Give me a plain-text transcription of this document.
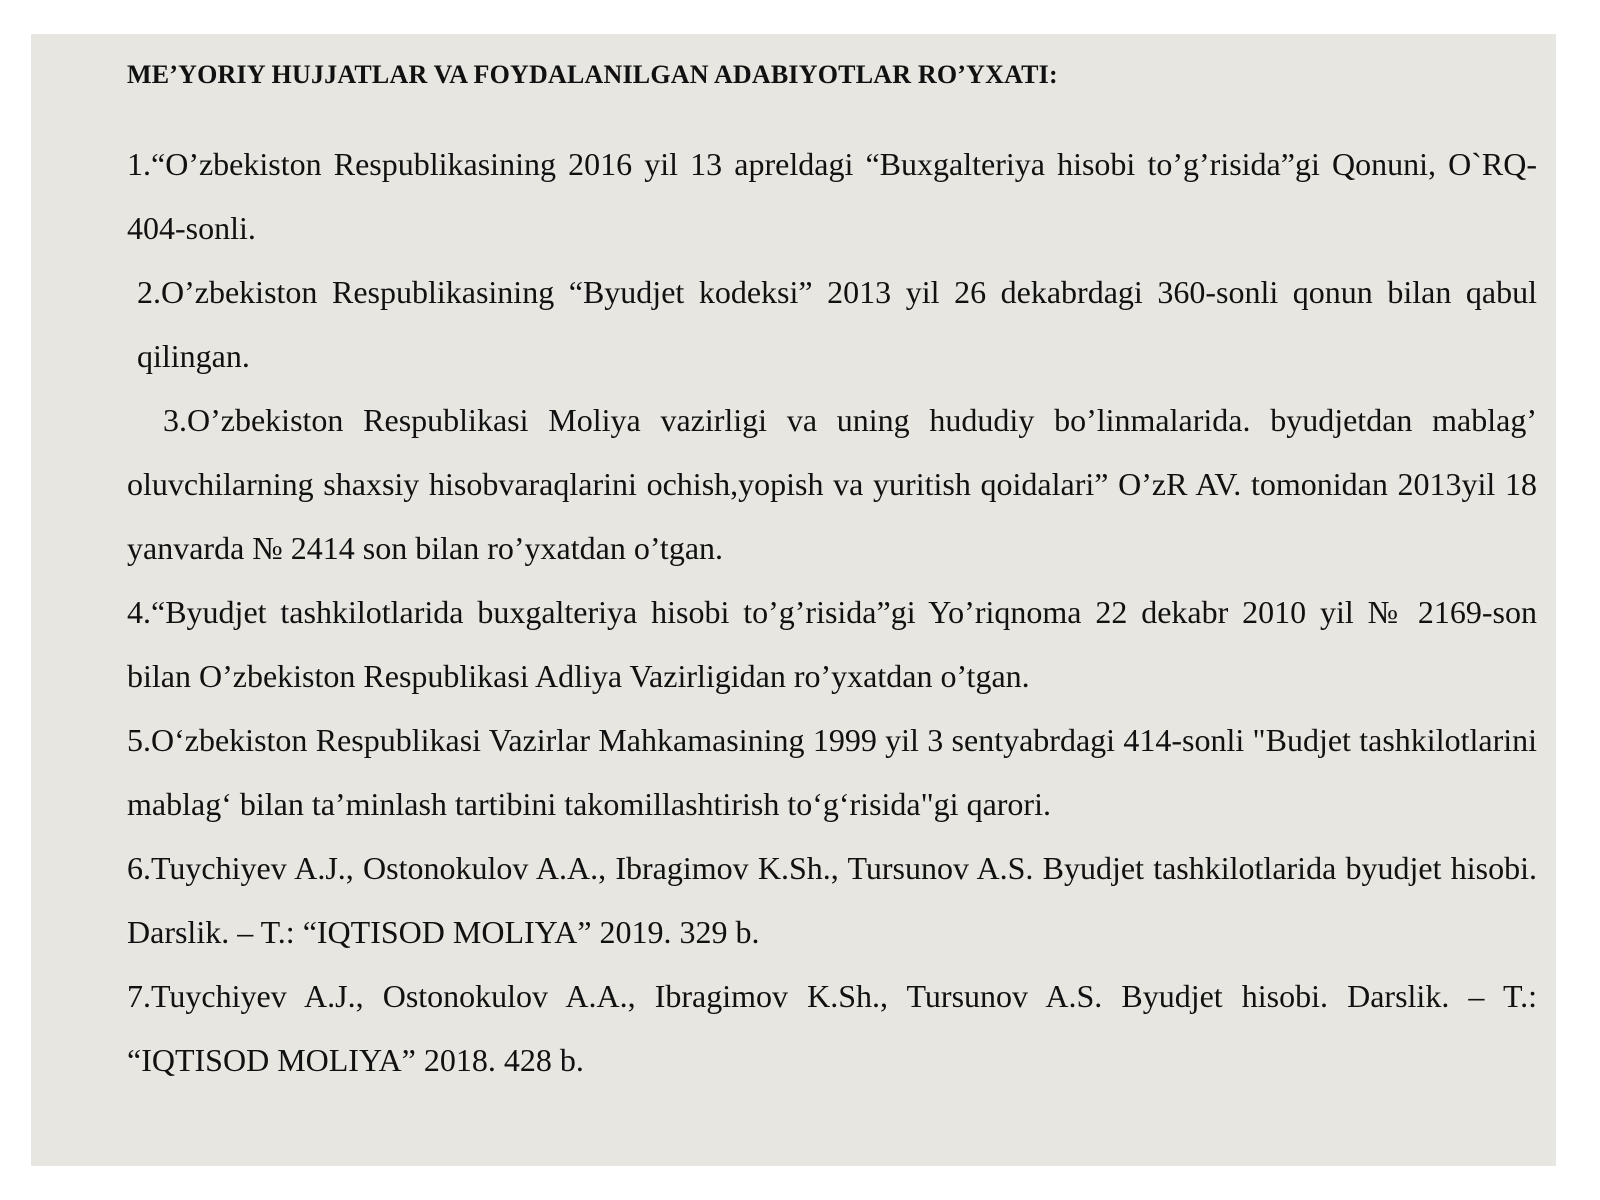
ME’YORIY HUJJATLAR VA FOYDALANILGAN ADABIYOTLAR RO’YXATI:

1.“O’zbekiston Respublikasining 2016 yil 13 apreldagi “Buxgalteriya hisobi to’g’risida”gi Qonuni, O`RQ-404-sonli.

2.O’zbekiston Respublikasining “Byudjet kodeksi” 2013 yil 26 dekabrdagi 360-sonli qonun bilan qabul qilingan.

3.O’zbekiston Respublikasi Moliya vazirligi va uning hududiy bo’linmalarida. byudjetdan mablag’ oluvchilarning shaxsiy hisobvaraqlarini ochish,yopish va yuritish qoidalari” O’zR AV. tomonidan 2013yil 18 yanvarda № 2414 son bilan ro’yxatdan o’tgan.

4.“Byudjet tashkilotlarida buxgalteriya hisobi to’g’risida”gi Yo’riqnoma 22 dekabr 2010 yil № 2169-son bilan O’zbekiston Respublikasi Adliya Vazirligidan ro’yxatdan o’tgan.

5.O‘zbekiston Respublikasi Vazirlar Mahkamasining 1999 yil 3 sentyabrdagi 414-sonli "Budjet tashkilotlarini mablag‘ bilan ta’minlash tartibini takomillashtirish to‘g‘risida"gi qarori.

6.Tuychiyev A.J., Ostonokulov A.A., Ibragimov K.Sh., Tursunov A.S. Byudjet tashkilotlarida byudjet hisobi. Darslik. – T.: “IQTISOD MOLIYA” 2019. 329 b.

7.Tuychiyev A.J., Ostonokulov A.A., Ibragimov K.Sh., Tursunov A.S. Byudjet hisobi. Darslik. – T.: “IQTISOD MOLIYA” 2018. 428 b.
